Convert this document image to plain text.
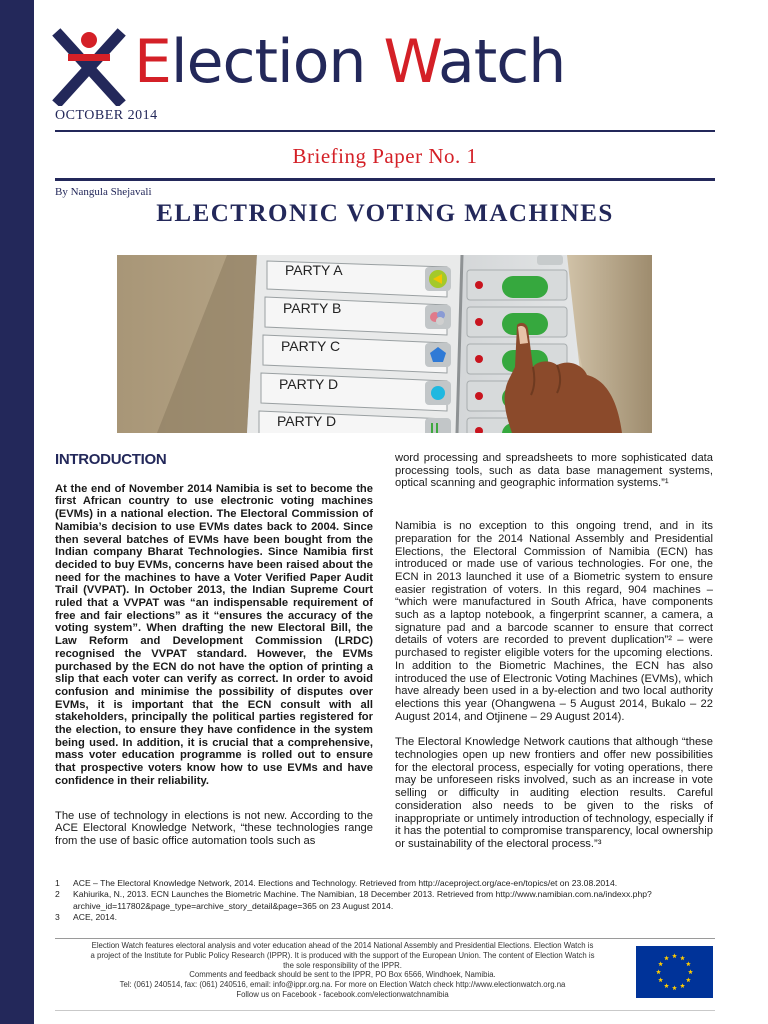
Election Watch
OCTOBER 2014
Briefing Paper No. 1
By Nangula Shejavali
ELECTRONIC VOTING MACHINES
PARTY A
PARTY B
PARTY C
PARTY D
PARTY D
INTRODUCTION

At the end of November 2014 Namibia is set to become the first African country to use electronic voting machines (EVMs) in a national election. The Electoral Commission of Namibia’s decision to use EVMs dates back to 2004. Since then several batches of EVMs have been bought from the Indian company Bharat Technologies. Since Namibia first decided to buy EVMs, concerns have been raised about the need for the machines to have a Voter Verified Paper Audit Trail (VVPAT). In October 2013, the Indian Supreme Court ruled that a VVPAT was “an indispensable requirement of free and fair elections” as it “ensures the accuracy of the voting system”. When drafting the new Electoral Bill, the Law Reform and Development Commission (LRDC) recognised the VVPAT standard. However, the EVMs purchased by the ECN do not have the option of printing a slip that each voter can verify as correct. In order to avoid confusion and minimise the possibility of disputes over EVMs, it is important that the ECN consult with all stakeholders, principally the political parties registered for the election, to ensure they have confidence in the system being used. In addition, it is crucial that a comprehensive, mass voter education programme is rolled out to ensure that prospective voters know how to use EVMs and have confidence in their reliability.

The use of technology in elections is not new. According to the ACE Electoral Knowledge Network, “these technologies range from the use of basic office automation tools such as

word processing and spreadsheets to more sophisticated data processing tools, such as data base management systems, optical scanning and geographic information systems.”¹

Namibia is no exception to this ongoing trend, and in its preparation for the 2014 National Assembly and Presidential Elections, the Electoral Commission of Namibia (ECN) has introduced or made use of various technologies. For one, the ECN in 2013 launched it use of a Biometric system to ensure easier registration of voters. In this regard, 904 machines – “which were manufactured in South Africa, have components such as a laptop notebook, a fingerprint scanner, a camera, a signature pad and a barcode scanner to ensure that correct details of voters are recorded to prevent duplication”² – were purchased to register eligible voters for the upcoming elections. In addition to the Biometric Machines, the ECN has also introduced the use of Electronic Voting Machines (EVMs), which have already been used in a by-election and two local authority elections this year (Ohangwena – 5 August 2014, Bukalo – 22 August 2014, and Otjinene – 29 August 2014).

The Electoral Knowledge Network cautions that although “these technologies open up new frontiers and offer new possibilities for the electoral process, especially for voting operations, there may be unforeseen risks involved, such as an increase in vote selling or difficulty in auditing election results. Careful consideration also needs to be given to the risks of inappropriate or untimely introduction of technology, especially if it has the potential to compromise transparency, local ownership or sustainability of the electoral process.”³

1	ACE – The Electoral Knowledge Network, 2014. Elections and Technology. Retrieved from http://aceproject.org/ace-en/topics/et on 23.08.2014.
2	Kahiurika, N., 2013. ECN Launches the Biometric Machine. The Namibian, 18 December 2013. Retrieved from http://www.namibian.com.na/indexx.php?archive_id=117802&page_type=archive_story_detail&page=365 on 23 August 2014.
3	ACE, 2014.
Election Watch features electoral analysis and voter education ahead of the 2014 National Assembly and Presidential Elections. Election Watch is
a project of the Institute for Public Policy Research (IPPR). It is produced with the support of the European Union. The content of Election Watch is
the sole responsibility of the IPPR.
Comments and feedback should be sent to the IPPR, PO Box 6566, Windhoek, Namibia.
Tel: (061) 240514, fax: (061) 240516, email: info@ippr.org.na. For more on Election Watch check http://www.electionwatch.org.na
Follow us on Facebook - facebook.com/electionwatchnamibia
